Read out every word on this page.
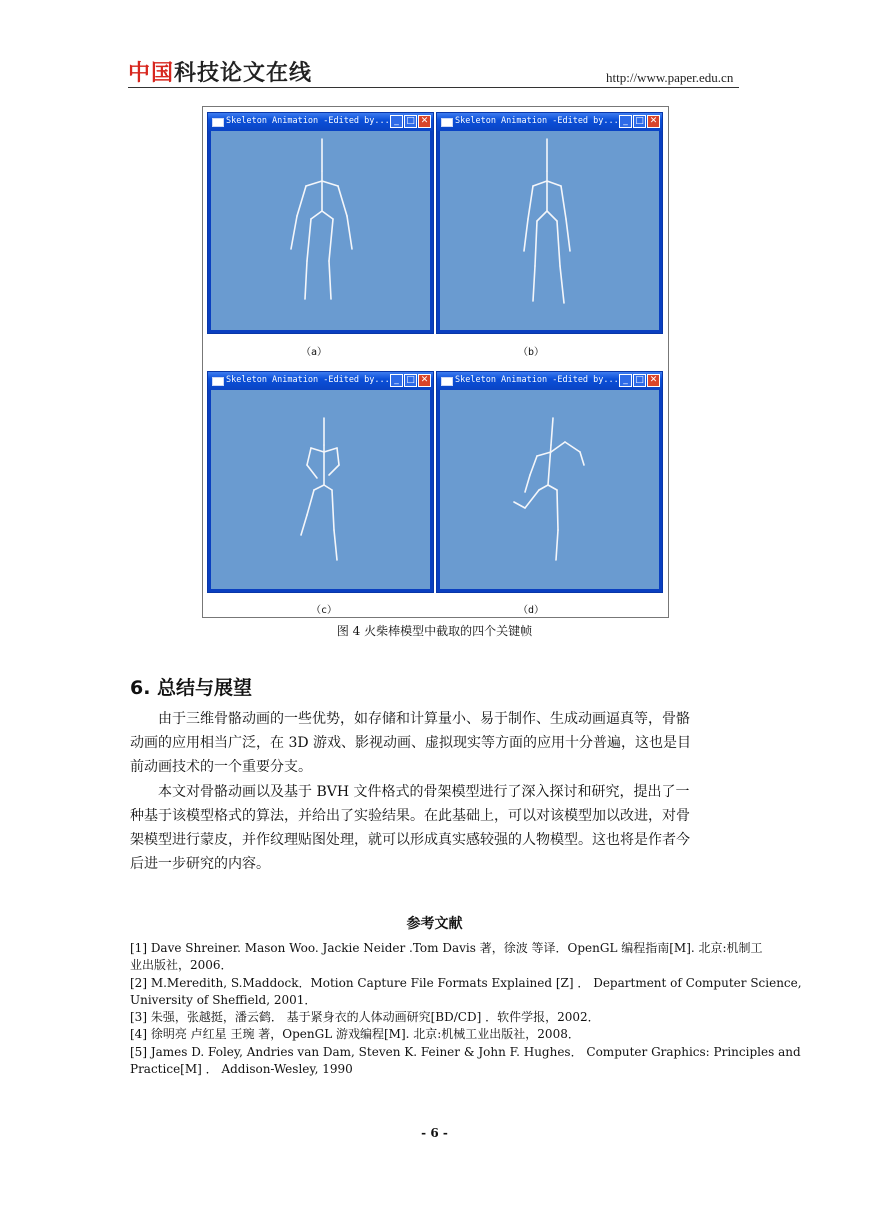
中国 科技论文在线	http://www.paper.edu.cn
Skeleton Animation -Edited by... _ □ ✕
（a）
Skeleton Animation -Edited by... _ □ ✕
（b）
Skeleton Animation -Edited by... _ □ ✕
（c）
Skeleton Animation -Edited by... _ □ ✕
（d）
图 4 火柴棒模型中截取的四个关键帧
6. 总结与展望
由于三维骨骼动画的一些优势，如存储和计算量小、易于制作、生成动画逼真等，骨骼
动画的应用相当广泛，在 3D 游戏、影视动画、虚拟现实等方面的应用十分普遍，这也是目
前动画技术的一个重要分支。
本文对骨骼动画以及基于 BVH 文件格式的骨架模型进行了深入探讨和研究，提出了一
种基于该模型格式的算法，并给出了实验结果。在此基础上，可以对该模型加以改进，对骨
架模型进行蒙皮，并作纹理贴图处理，就可以形成真实感较强的人物模型。这也将是作者今
后进一步研究的内容。
参考文献
[1] Dave Shreiner. Mason Woo. Jackie Neider .Tom Davis 著，徐波 等译．OpenGL 编程指南[M]. 北京:机制工
业出版社，2006．
[2] M.Meredith, S.Maddock．Motion Capture File Formats Explained [Z] ． Department of Computer Science,
University of Sheffield, 2001．
[3] 朱强，张越挺，潘云鹤． 基于紧身衣的人体动画研究[BD/CD] ．软件学报，2002．
[4] 徐明亮 卢红星 王琬 著，OpenGL 游戏编程[M]. 北京:机械工业出版社，2008．
[5] James D. Foley, Andries van Dam, Steven K. Feiner & John F. Hughes． Computer Graphics: Principles and
Practice[M] ． Addison-Wesley, 1990
- 6 -
